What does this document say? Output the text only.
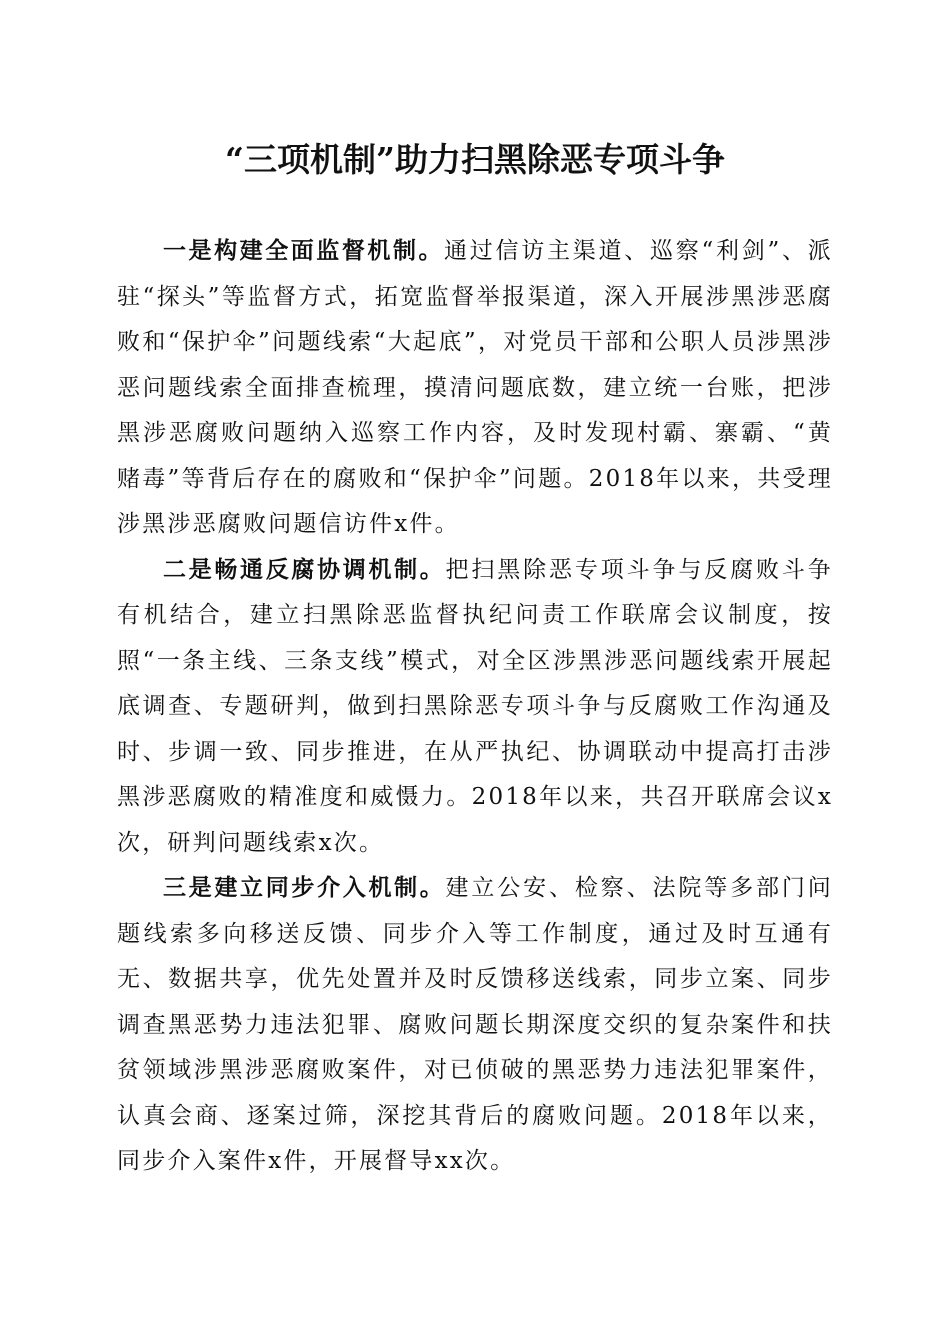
“三项机制”助力扫黑除恶专项斗争

一是构建全面监督机制。通过信访主渠道、巡察“利剑”、派驻“探头”等监督方式，拓宽监督举报渠道，深入开展涉黑涉恶腐败和“保护伞”问题线索“大起底”，对党员干部和公职人员涉黑涉恶问题线索全面排查梳理，摸清问题底数，建立统一台账，把涉黑涉恶腐败问题纳入巡察工作内容，及时发现村霸、寨霸、“黄赌毒”等背后存在的腐败和“保护伞”问题。2018年以来，共受理涉黑涉恶腐败问题信访件x件。

二是畅通反腐协调机制。把扫黑除恶专项斗争与反腐败斗争有机结合，建立扫黑除恶监督执纪问责工作联席会议制度，按照“一条主线、三条支线”模式，对全区涉黑涉恶问题线索开展起底调查、专题研判，做到扫黑除恶专项斗争与反腐败工作沟通及时、步调一致、同步推进，在从严执纪、协调联动中提高打击涉黑涉恶腐败的精准度和威慑力。2018年以来，共召开联席会议x次，研判问题线索x次。

三是建立同步介入机制。建立公安、检察、法院等多部门问题线索多向移送反馈、同步介入等工作制度，通过及时互通有无、数据共享，优先处置并及时反馈移送线索，同步立案、同步调查黑恶势力违法犯罪、腐败问题长期深度交织的复杂案件和扶贫领域涉黑涉恶腐败案件，对已侦破的黑恶势力违法犯罪案件，认真会商、逐案过筛，深挖其背后的腐败问题。2018年以来，同步介入案件x件，开展督导xx次。
